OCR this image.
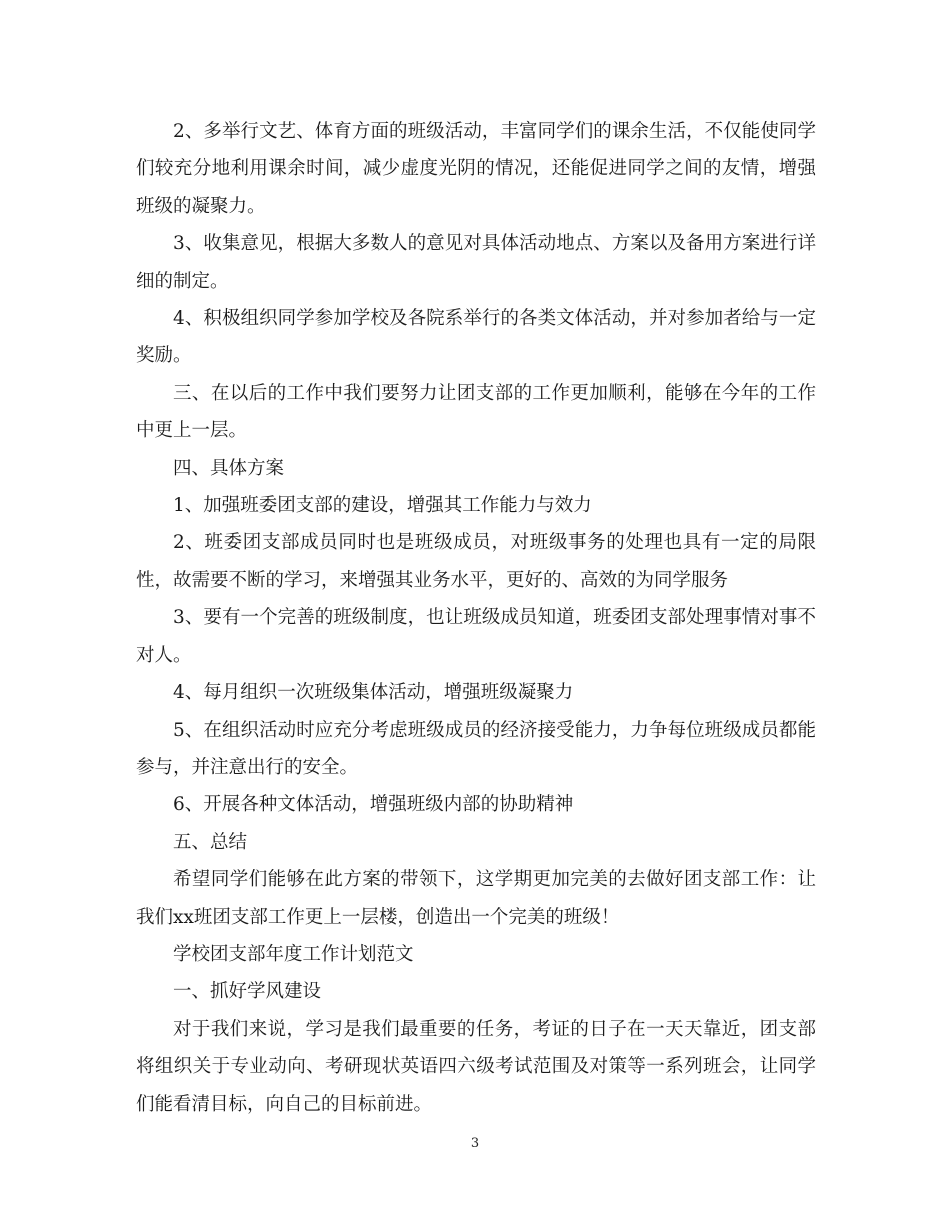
2、多举行文艺、体育方面的班级活动，丰富同学们的课余生活，不仅能使同学们较充分地利用课余时间，减少虚度光阴的情况，还能促进同学之间的友情，增强班级的凝聚力。

3、收集意见，根据大多数人的意见对具体活动地点、方案以及备用方案进行详细的制定。

4、积极组织同学参加学校及各院系举行的各类文体活动，并对参加者给与一定奖励。

三、在以后的工作中我们要努力让团支部的工作更加顺利，能够在今年的工作中更上一层。

四、具体方案

1、加强班委团支部的建设，增强其工作能力与效力

2、班委团支部成员同时也是班级成员，对班级事务的处理也具有一定的局限性，故需要不断的学习，来增强其业务水平，更好的、高效的为同学服务

3、要有一个完善的班级制度，也让班级成员知道，班委团支部处理事情对事不对人。

4、每月组织一次班级集体活动，增强班级凝聚力

5、在组织活动时应充分考虑班级成员的经济接受能力，力争每位班级成员都能参与，并注意出行的安全。

6、开展各种文体活动，增强班级内部的协助精神

五、总结

希望同学们能够在此方案的带领下，这学期更加完美的去做好团支部工作：让我们xx班团支部工作更上一层楼，创造出一个完美的班级！

学校团支部年度工作计划范文

一、抓好学风建设

对于我们来说，学习是我们最重要的任务，考证的日子在一天天靠近，团支部将组织关于专业动向、考研现状英语四六级考试范围及对策等一系列班会，让同学们能看清目标，向自己的目标前进。

3
